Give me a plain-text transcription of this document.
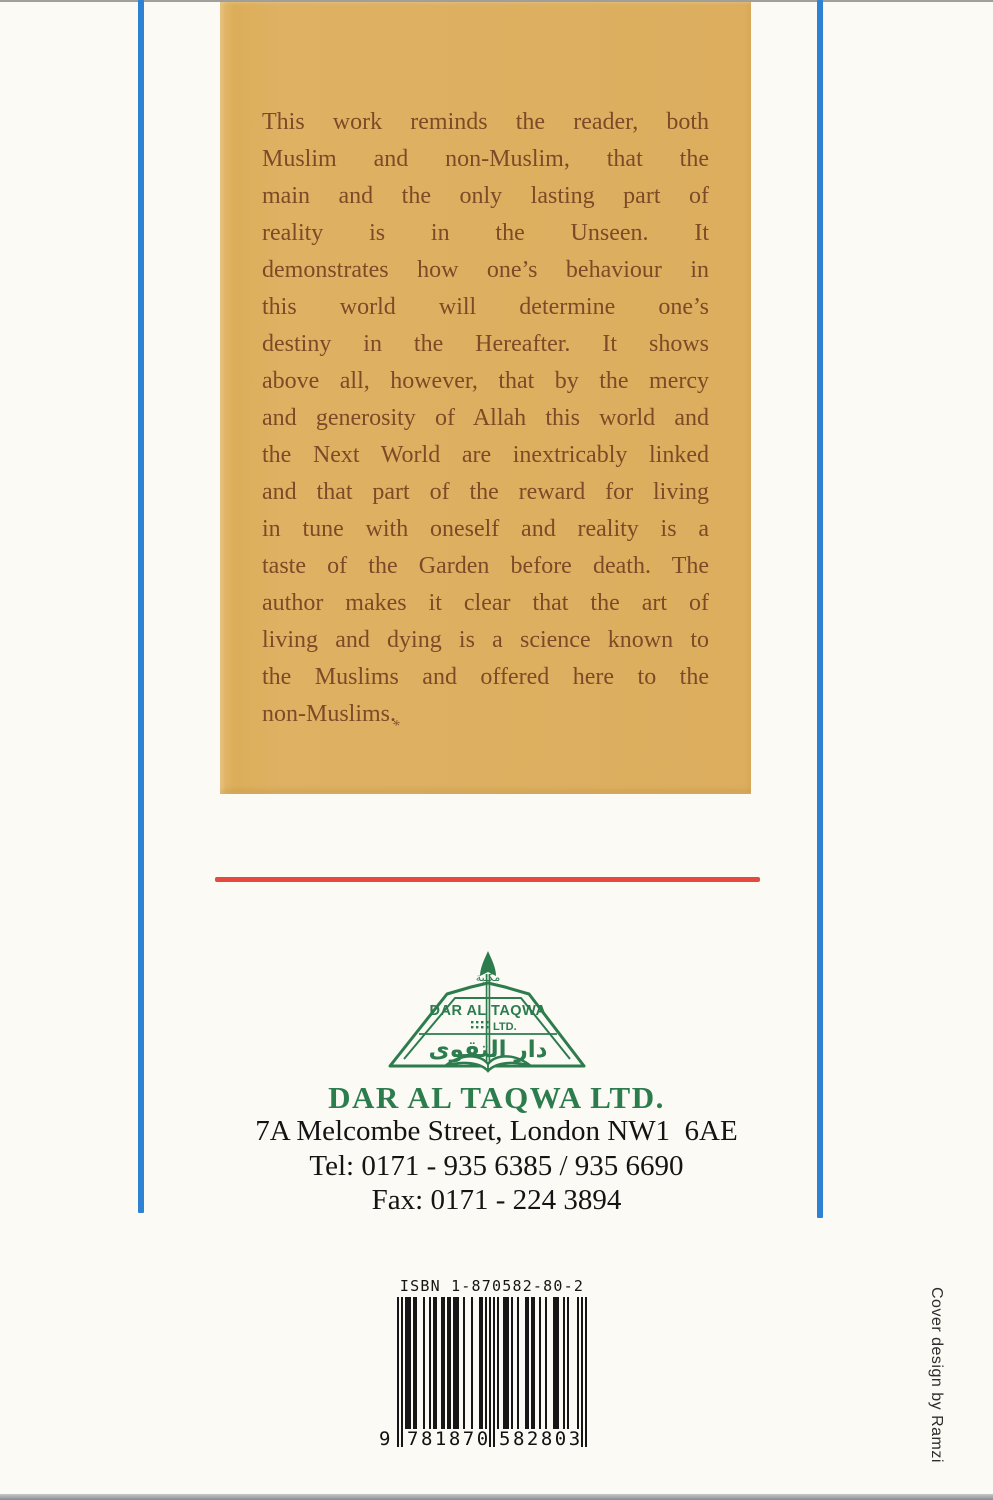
This work reminds the reader, both
Muslim and non-Muslim, that the
main and the only lasting part of
reality is in the Unseen. It
demonstrates how one’s behaviour in
this world will determine one’s
destiny in the Hereafter. It shows
above all, however, that by the mercy
and generosity of Allah this world and
the Next World are inextricably linked
and that part of the reward for living
in tune with oneself and reality is a
taste of the Garden before death. The
author makes it clear that the art of
living and dying is a science known to
the Muslims and offered here to the
non-Muslims.
*
مكتبة
DAR AL TAQWA
LTD.
دار التقوى
DAR AL TAQWA LTD.
7A Melcombe Street, London NW1  6AE
Tel: 0171 - 935 6385 / 935 6690
Fax: 0171 - 224 3894
ISBN 1-870582-80-2
9 781870 582803	Cover design by Ramzi
